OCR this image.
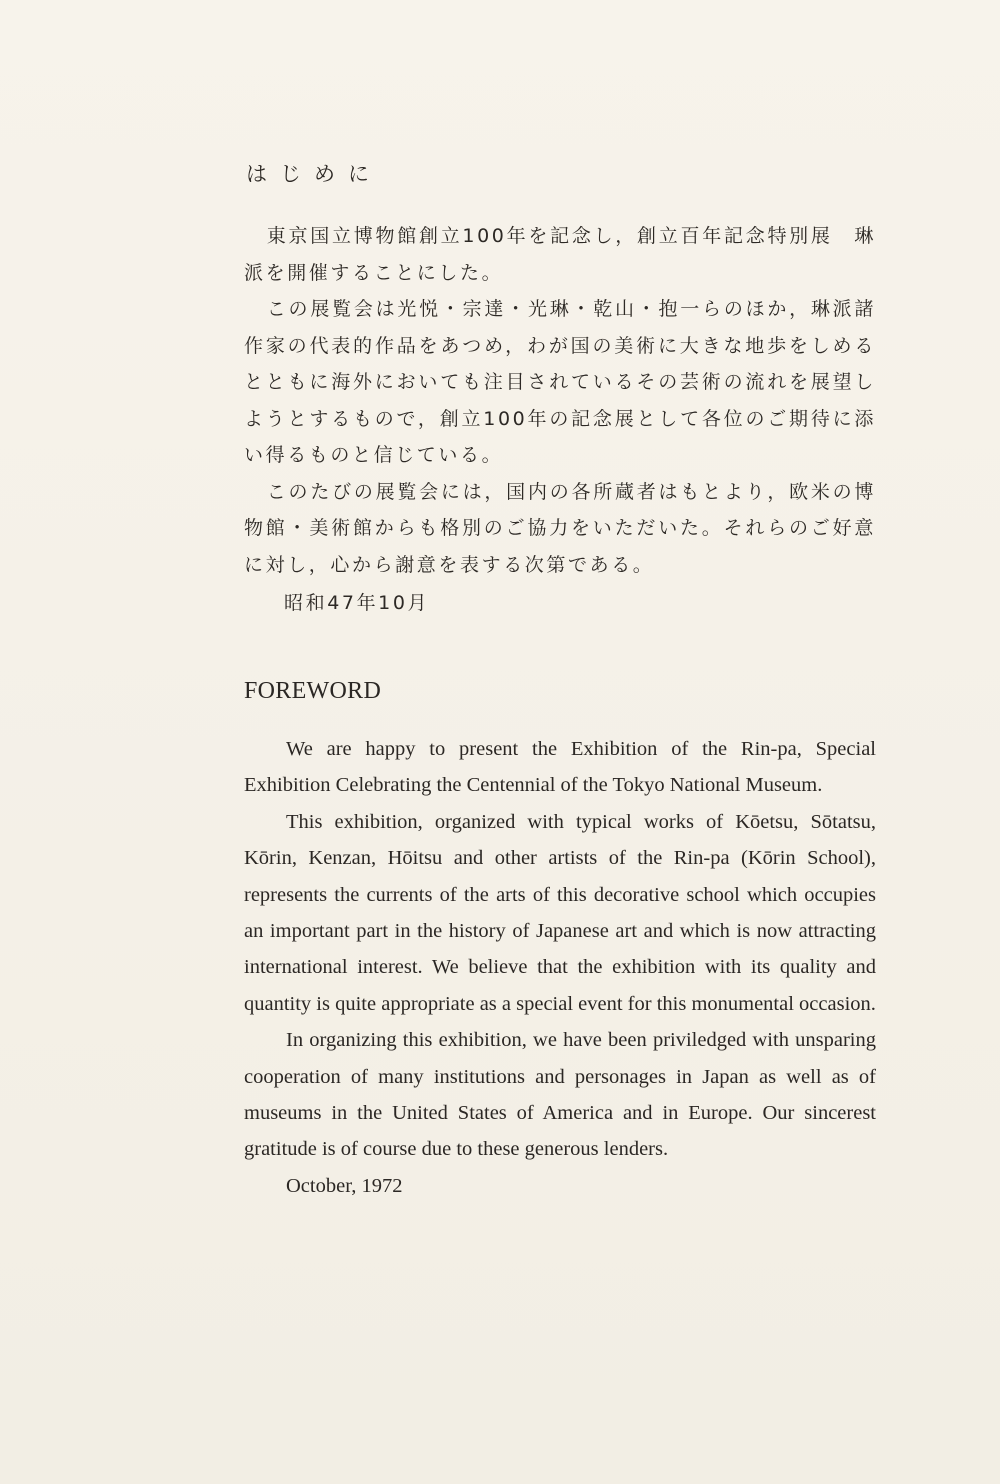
はじめに

東京国立博物館創立100年を記念し，創立百年記念特別展　琳派を開催することにした。

この展覧会は光悦・宗達・光琳・乾山・抱一らのほか，琳派諸作家の代表的作品をあつめ，わが国の美術に大きな地歩をしめるとともに海外においても注目されているその芸術の流れを展望しようとするもので，創立100年の記念展として各位のご期待に添い得るものと信じている。

このたびの展覧会には，国内の各所蔵者はもとより，欧米の博物館・美術館からも格別のご協力をいただいた。それらのご好意に対し，心から謝意を表する次第である。

昭和47年10月

FOREWORD

We are happy to present the Exhibition of the Rin-pa, Special Exhibition Celebrating the Centennial of the Tokyo National Museum.

This exhibition, organized with typical works of Kōetsu, Sōtatsu, Kōrin, Kenzan, Hōitsu and other artists of the Rin-pa (Kōrin School), represents the currents of the arts of this decorative school which occupies an important part in the history of Japanese art and which is now attracting international interest. We believe that the exhibition with its quality and quantity is quite appropriate as a special event for this monumental occasion.

In organizing this exhibition, we have been priviledged with unsparing cooperation of many institutions and personages in Japan as well as of museums in the United States of America and in Europe. Our sincerest gratitude is of course due to these generous lenders.

October, 1972
